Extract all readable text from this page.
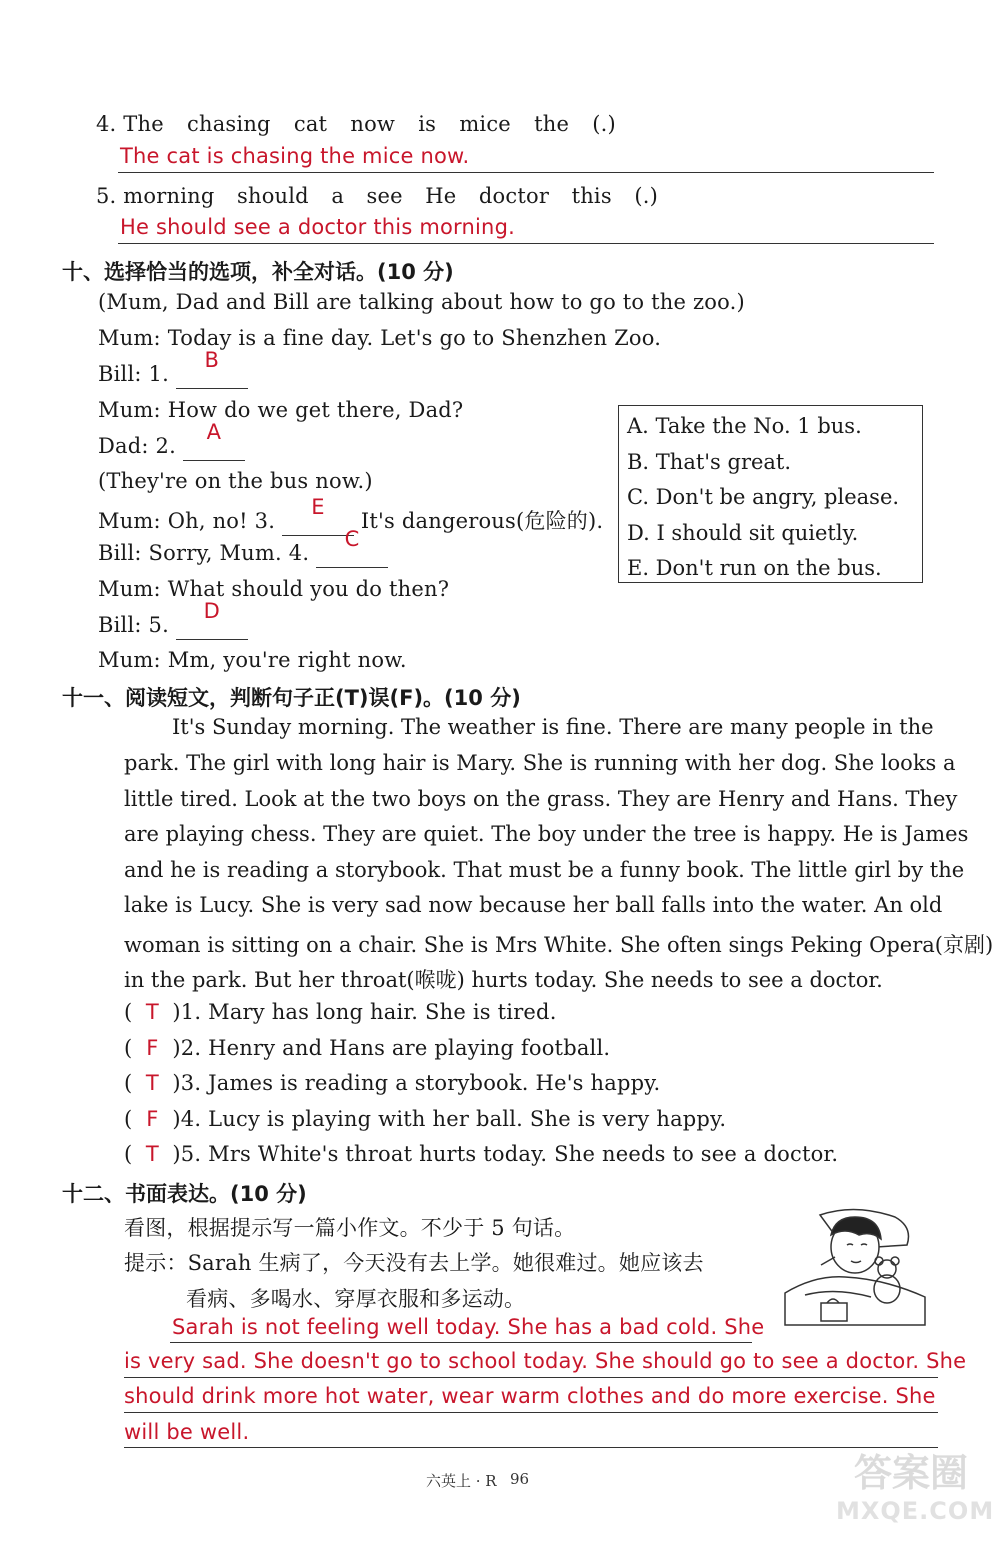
4. The chasing cat now is mice the (.)
The cat is chasing the mice now.
5. morning should a see He doctor this (.)
He should see a doctor this morning.
十、选择恰当的选项，补全对话。(10 分)
(Mum, Dad and Bill are talking about how to go to the zoo.)
Mum: Today is a fine day. Let's go to Shenzhen Zoo.
Bill: 1. B
Mum: How do we get there, Dad?
Dad: 2. A
(They're on the bus now.)
Mum: Oh, no! 3. E It's dangerous(危险的).
Bill: Sorry, Mum. 4. C
Mum: What should you do then?
Bill: 5. D
Mum: Mm, you're right now.
A. Take the No. 1 bus.
B. That's great.
C. Don't be angry, please.
D. I should sit quietly.
E. Don't run on the bus.
十一、阅读短文，判断句子正(T)误(F)。(10 分)
It's Sunday morning. The weather is fine. There are many people in the
park. The girl with long hair is Mary. She is running with her dog. She looks a
little tired. Look at the two boys on the grass. They are Henry and Hans. They
are playing chess. They are quiet. The boy under the tree is happy. He is James
and he is reading a storybook. That must be a funny book. The little girl by the
lake is Lucy. She is very sad now because her ball falls into the water. An old
woman is sitting on a chair. She is Mrs White. She often sings Peking Opera(京剧)
in the park. But her throat(喉咙) hurts today. She needs to see a doctor.
( T )1. Mary has long hair. She is tired.
( F )2. Henry and Hans are playing football.
( T )3. James is reading a storybook. He's happy.
( F )4. Lucy is playing with her ball. She is very happy.
( T )5. Mrs White's throat hurts today. She needs to see a doctor.
十二、书面表达。(10 分)
看图，根据提示写一篇小作文。不少于 5 句话。
提示：Sarah 生病了，今天没有去上学。她很难过。她应该去
看病、多喝水、穿厚衣服和多运动。
Sarah is not feeling well today. She has a bad cold. She
is very sad. She doesn't go to school today. She should go to see a doctor. She
should drink more hot water, wear warm clothes and do more exercise. She
will be well.
六英上 · R 96	答案圈
MXQE.COM
